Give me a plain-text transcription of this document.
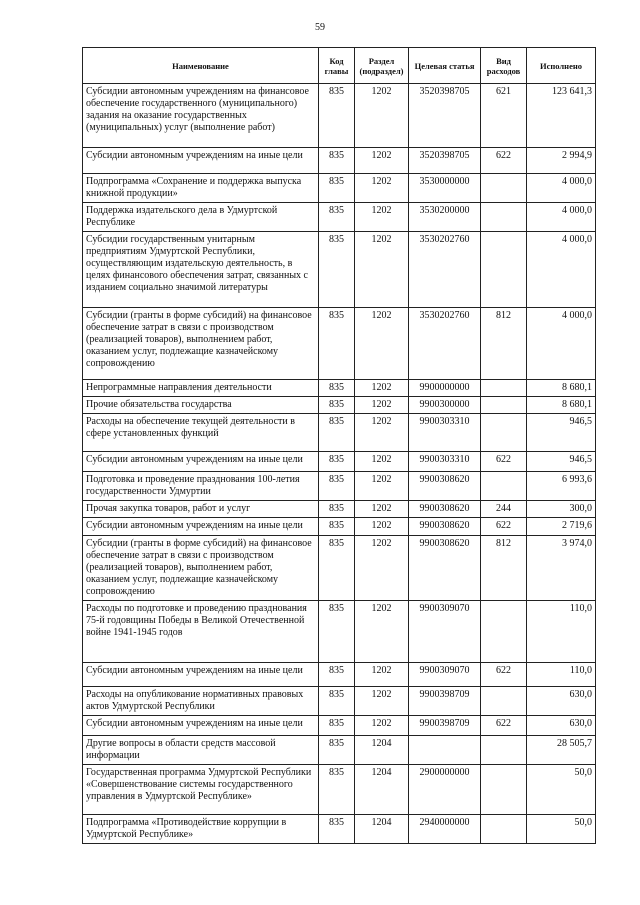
59
Наименование	Код главы	Раздел (подраздел)	Целевая статья	Вид расходов	Исполнено
Субсидии автономным учреждениям на финансовое обеспечение государственного (муниципального) задания на оказание государственных (муниципальных) услуг (выполнение работ)	835	1202	3520398705	621	123 641,3
Субсидии автономным учреждениям на иные цели	835	1202	3520398705	622	2 994,9
Подпрограмма «Сохранение и поддержка выпуска книжной продукции»	835	1202	3530000000		4 000,0
Поддержка издательского дела в Удмуртской Республике	835	1202	3530200000		4 000,0
Субсидии государственным унитарным предприятиям Удмуртской Республики, осуществляющим издательскую деятельность, в целях финансового обеспечения затрат, связанных с изданием социально значимой литературы	835	1202	3530202760		4 000,0
Субсидии (гранты в форме субсидий) на финансовое обеспечение затрат в связи с производством (реализацией товаров), выполнением работ, оказанием услуг, подлежащие казначейскому сопровождению	835	1202	3530202760	812	4 000,0
Непрограммные направления деятельности	835	1202	9900000000		8 680,1
Прочие обязательства государства	835	1202	9900300000		8 680,1
Расходы на обеспечение текущей деятельности в сфере установленных функций	835	1202	9900303310		946,5
Субсидии автономным учреждениям на иные цели	835	1202	9900303310	622	946,5
Подготовка и проведение празднования 100-летия государственности Удмуртии	835	1202	9900308620		6 993,6
Прочая закупка товаров, работ и услуг	835	1202	9900308620	244	300,0
Субсидии автономным учреждениям на иные цели	835	1202	9900308620	622	2 719,6
Субсидии (гранты в форме субсидий) на финансовое обеспечение затрат в связи с производством (реализацией товаров), выполнением работ, оказанием услуг, подлежащие казначейскому сопровождению	835	1202	9900308620	812	3 974,0
Расходы по подготовке и проведению празднования 75-й годовщины Победы в Великой Отечественной войне 1941-1945 годов	835	1202	9900309070		110,0
Субсидии автономным учреждениям на иные цели	835	1202	9900309070	622	110,0
Расходы на опубликование нормативных правовых актов Удмуртской Республики	835	1202	9900398709		630,0
Субсидии автономным учреждениям на иные цели	835	1202	9900398709	622	630,0
Другие вопросы в области средств массовой информации	835	1204			28 505,7
Государственная программа Удмуртской Республики «Совершенствование системы государственного управления в Удмуртской Республике»	835	1204	2900000000		50,0
Подпрограмма «Противодействие коррупции в Удмуртской Республике»	835	1204	2940000000		50,0
